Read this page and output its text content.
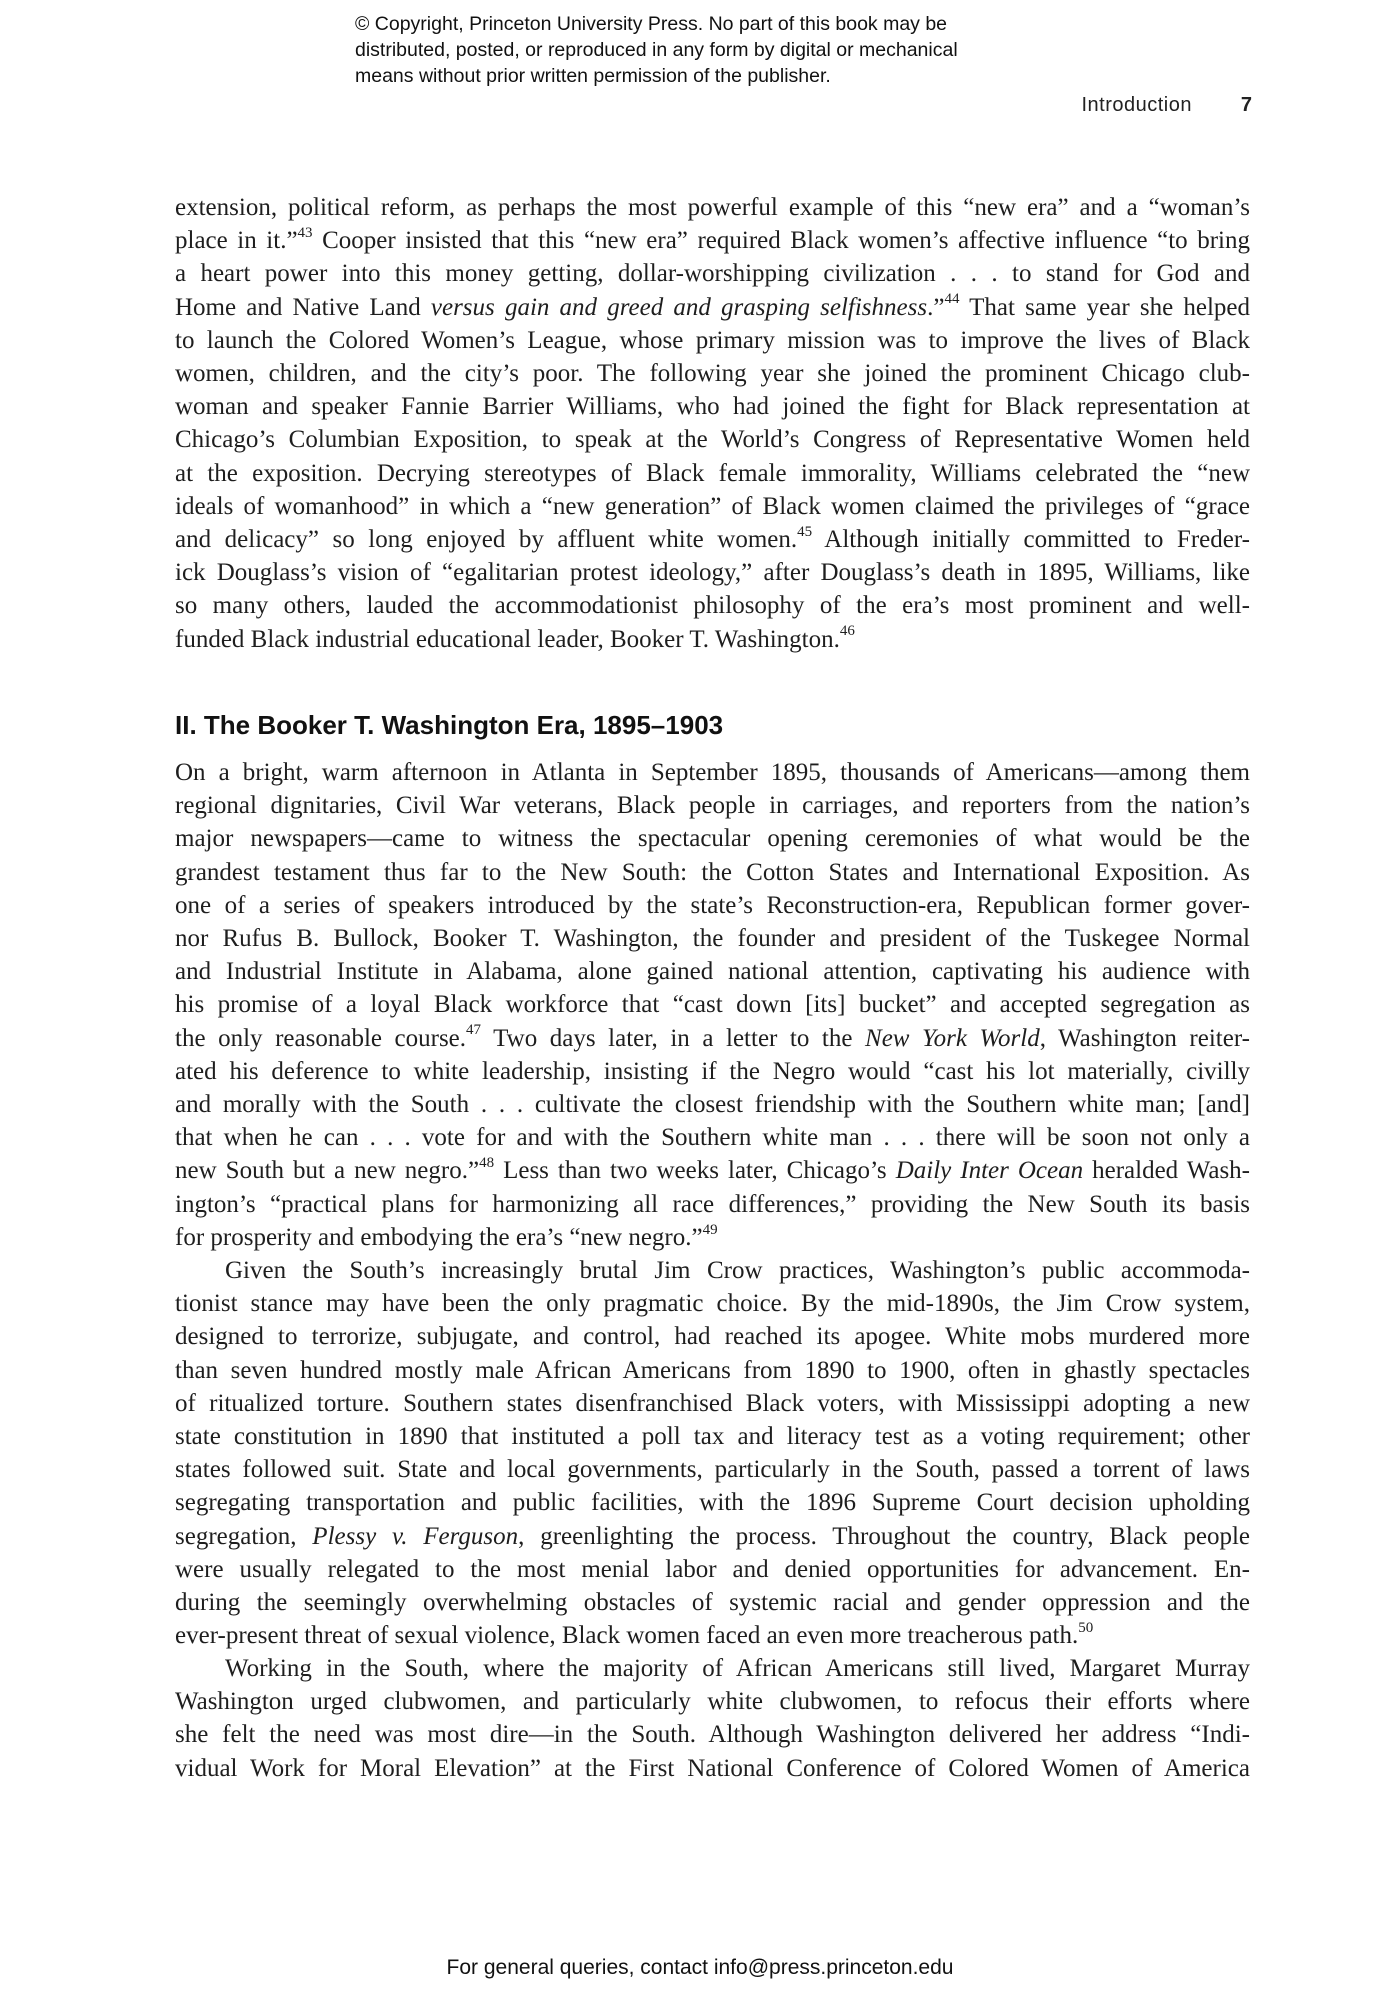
© Copyright, Princeton University Press. No part of this book may be
distributed, posted, or reproduced in any form by digital or mechanical
means without prior written permission of the publisher.
Introduction 7
extension, political reform, as perhaps the most powerful example of this “new era” and a “woman’s
place in it.”$^{43}$ Cooper insisted that this “new era” required Black women’s affective influence “to bring
a heart power into this money getting, dollar-worshipping civilization . . . to stand for God and
Home and Native Land versus gain and greed and grasping selfishness.”$^{44}$ That same year she helped
to launch the Colored Women’s League, whose primary mission was to improve the lives of Black
women, children, and the city’s poor. The following year she joined the prominent Chicago club-
woman and speaker Fannie Barrier Williams, who had joined the fight for Black representation at
Chicago’s Columbian Exposition, to speak at the World’s Congress of Representative Women held
at the exposition. Decrying stereotypes of Black female immorality, Williams celebrated the “new
ideals of womanhood” in which a “new generation” of Black women claimed the privileges of “grace
and delicacy” so long enjoyed by affluent white women.$^{45}$ Although initially committed to Freder-
ick Douglass’s vision of “egalitarian protest ideology,” after Douglass’s death in 1895, Williams, like
so many others, lauded the accommodationist philosophy of the era’s most prominent and well-
funded Black industrial educational leader, Booker T. Washington.$^{46}$
II. The Booker T. Washington Era, 1895–1903
On a bright, warm afternoon in Atlanta in September 1895, thousands of Americans—among them
regional dignitaries, Civil War veterans, Black people in carriages, and reporters from the nation’s
major newspapers—came to witness the spectacular opening ceremonies of what would be the
grandest testament thus far to the New South: the Cotton States and International Exposition. As
one of a series of speakers introduced by the state’s Reconstruction-era, Republican former gover-
nor Rufus B. Bullock, Booker T. Washington, the founder and president of the Tuskegee Normal
and Industrial Institute in Alabama, alone gained national attention, captivating his audience with
his promise of a loyal Black workforce that “cast down [its] bucket” and accepted segregation as
the only reasonable course.$^{47}$ Two days later, in a letter to the New York World, Washington reiter-
ated his deference to white leadership, insisting if the Negro would “cast his lot materially, civilly
and morally with the South . . . cultivate the closest friendship with the Southern white man; [and]
that when he can . . . vote for and with the Southern white man . . . there will be soon not only a
new South but a new negro.”$^{48}$ Less than two weeks later, Chicago’s Daily Inter Ocean heralded Wash-
ington’s “practical plans for harmonizing all race differences,” providing the New South its basis
for prosperity and embodying the era’s “new negro.”$^{49}$
Given the South’s increasingly brutal Jim Crow practices, Washington’s public accommoda-
tionist stance may have been the only pragmatic choice. By the mid-1890s, the Jim Crow system,
designed to terrorize, subjugate, and control, had reached its apogee. White mobs murdered more
than seven hundred mostly male African Americans from 1890 to 1900, often in ghastly spectacles
of ritualized torture. Southern states disenfranchised Black voters, with Mississippi adopting a new
state constitution in 1890 that instituted a poll tax and literacy test as a voting requirement; other
states followed suit. State and local governments, particularly in the South, passed a torrent of laws
segregating transportation and public facilities, with the 1896 Supreme Court decision upholding
segregation, Plessy v. Ferguson, greenlighting the process. Throughout the country, Black people
were usually relegated to the most menial labor and denied opportunities for advancement. En-
during the seemingly overwhelming obstacles of systemic racial and gender oppression and the
ever-present threat of sexual violence, Black women faced an even more treacherous path.$^{50}$
Working in the South, where the majority of African Americans still lived, Margaret Murray
Washington urged clubwomen, and particularly white clubwomen, to refocus their efforts where
she felt the need was most dire—in the South. Although Washington delivered her address “Indi-
vidual Work for Moral Elevation” at the First National Conference of Colored Women of America
For general queries, contact info@press.princeton.edu
